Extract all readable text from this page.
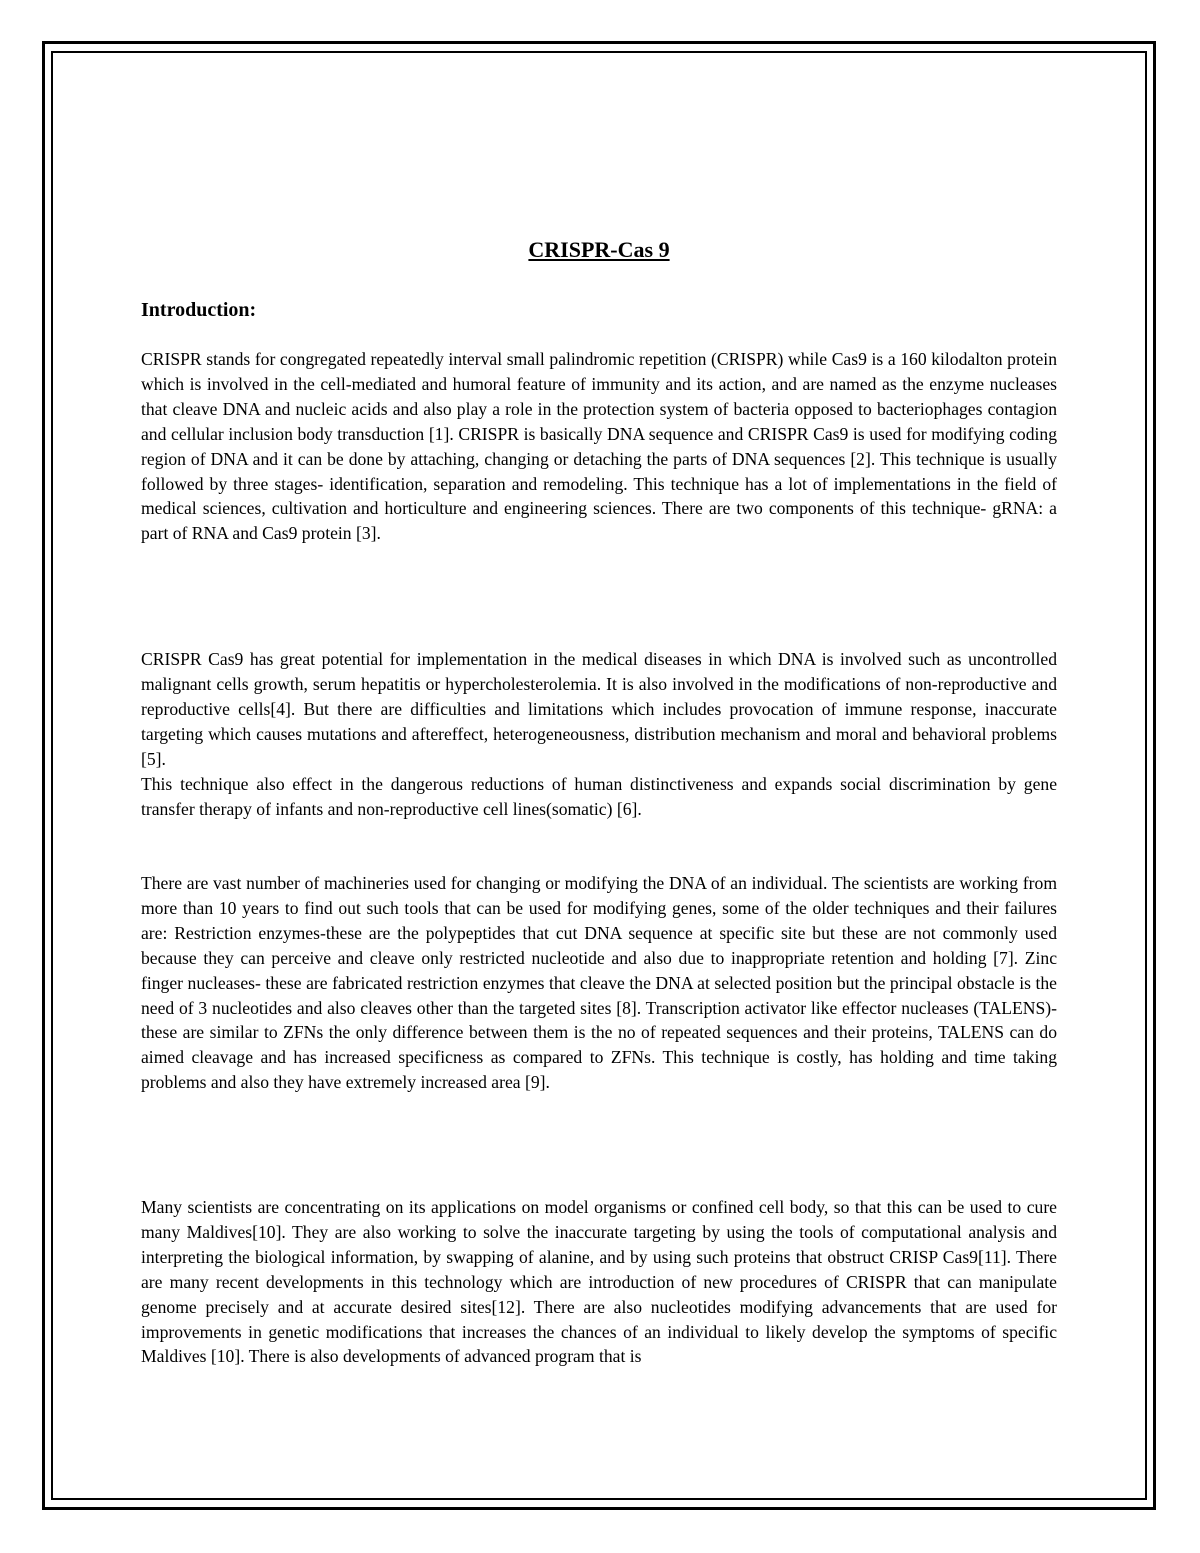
CRISPR-Cas 9
Introduction:

CRISPR stands for congregated repeatedly interval small palindromic repetition (CRISPR) while Cas9 is a 160 kilodalton protein which is involved in the cell-mediated and humoral feature of immunity and its action, and are named as the enzyme nucleases that cleave DNA and nucleic acids and also play a role in the protection system of bacteria opposed to bacteriophages contagion and cellular inclusion body transduction [1]. CRISPR is basically DNA sequence and CRISPR Cas9 is used for modifying coding region of DNA and it can be done by attaching, changing or detaching the parts of DNA sequences [2]. This technique is usually followed by three stages- identification, separation and remodeling. This technique has a lot of implementations in the field of medical sciences, cultivation and horticulture and engineering sciences. There are two components of this technique- gRNA: a part of RNA and Cas9 protein [3].

CRISPR Cas9 has great potential for implementation in the medical diseases in which DNA is involved such as uncontrolled malignant cells growth, serum hepatitis or hypercholesterolemia. It is also involved in the modifications of non-reproductive and reproductive cells[4]. But there are difficulties and limitations which includes provocation of immune response, inaccurate targeting which causes mutations and aftereffect, heterogeneousness, distribution mechanism and moral and behavioral problems [5].

This technique also effect in the dangerous reductions of human distinctiveness and expands social discrimination by gene transfer therapy of infants and non-reproductive cell lines(somatic) [6].

There are vast number of machineries used for changing or modifying the DNA of an individual. The scientists are working from more than 10 years to find out such tools that can be used for modifying genes, some of the older techniques and their failures are: Restriction enzymes-these are the polypeptides that cut DNA sequence at specific site but these are not commonly used because they can perceive and cleave only restricted nucleotide and also due to inappropriate retention and holding [7]. Zinc finger nucleases- these are fabricated restriction enzymes that cleave the DNA at selected position but the principal obstacle is the need of 3 nucleotides and also cleaves other than the targeted sites [8]. Transcription activator like effector nucleases (TALENS)-these are similar to ZFNs the only difference between them is the no of repeated sequences and their proteins, TALENS can do aimed cleavage and has increased specificness as compared to ZFNs. This technique is costly, has holding and time taking problems and also they have extremely increased area [9].

Many scientists are concentrating on its applications on model organisms or confined cell body, so that this can be used to cure many Maldives[10]. They are also working to solve the inaccurate targeting by using the tools of computational analysis and interpreting the biological information, by swapping of alanine, and by using such proteins that obstruct CRISP Cas9[11]. There are many recent developments in this technology which are introduction of new procedures of CRISPR that can manipulate genome precisely and at accurate desired sites[12]. There are also nucleotides modifying advancements that are used for improvements in genetic modifications that increases the chances of an individual to likely develop the symptoms of specific Maldives [10]. There is also developments of advanced program that is
